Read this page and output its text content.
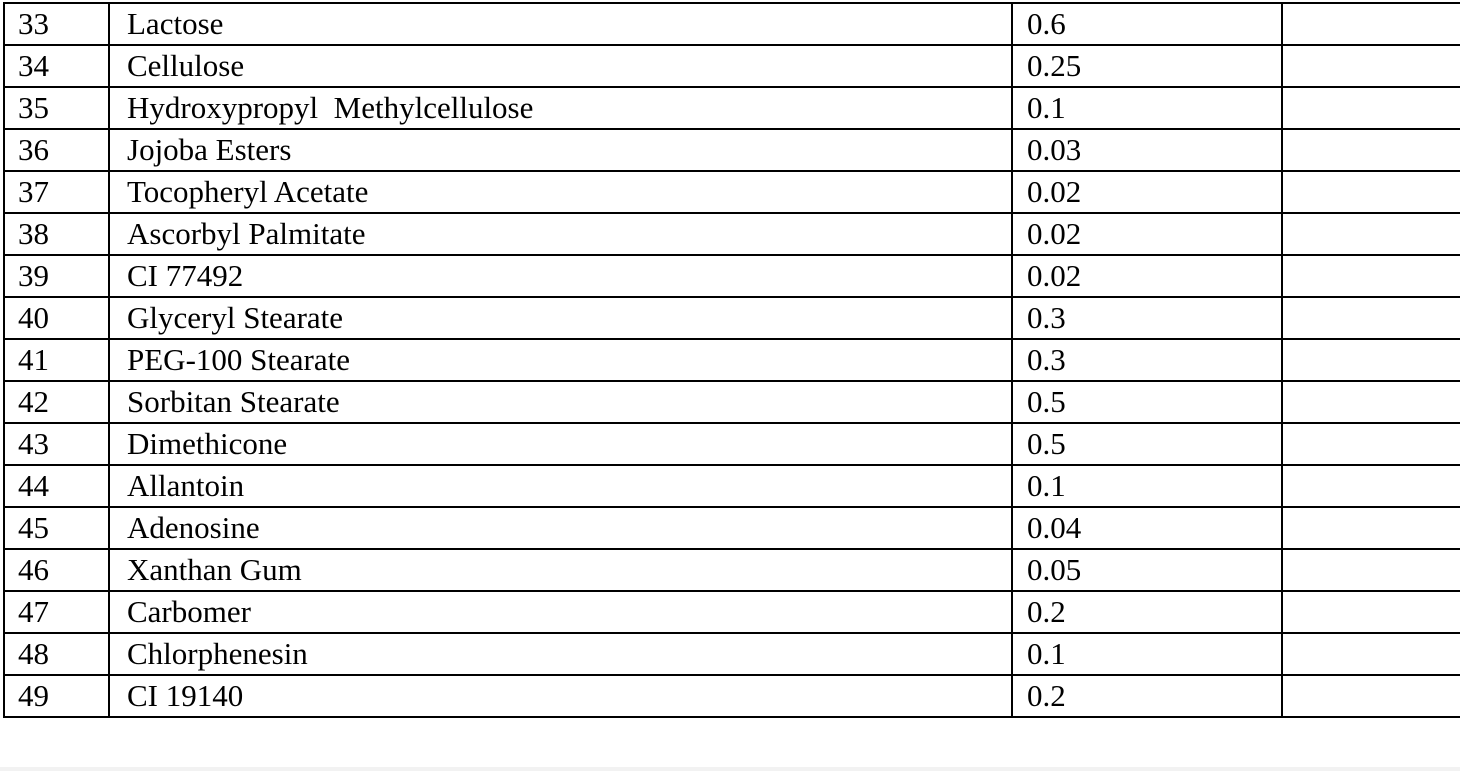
33	Lactose	0.6	
34	Cellulose	0.25	
35	Hydroxypropyl  Methylcellulose	0.1	
36	Jojoba Esters	0.03	
37	Tocopheryl Acetate	0.02	
38	Ascorbyl Palmitate	0.02	
39	CI 77492	0.02	
40	Glyceryl Stearate	0.3	
41	PEG-100 Stearate	0.3	
42	Sorbitan Stearate	0.5	
43	Dimethicone	0.5	
44	Allantoin	0.1	
45	Adenosine	0.04	
46	Xanthan Gum	0.05	
47	Carbomer	0.2	
48	Chlorphenesin	0.1	
49	CI 19140	0.2	
